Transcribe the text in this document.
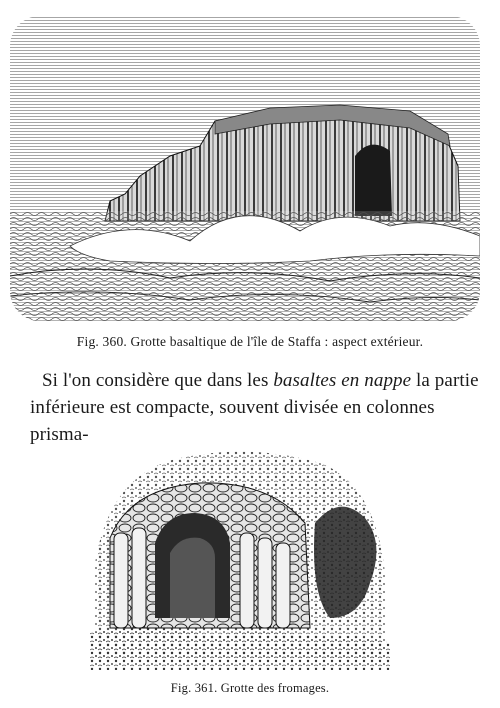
Fig. 360. Grotte basaltique de l'île de Staffa : aspect extérieur.

Si l'on considère que dans les basaltes en nappe la partie

inférieure est compacte, souvent divisée en colonnes prisma-

Fig. 361. Grotte des fromages.
